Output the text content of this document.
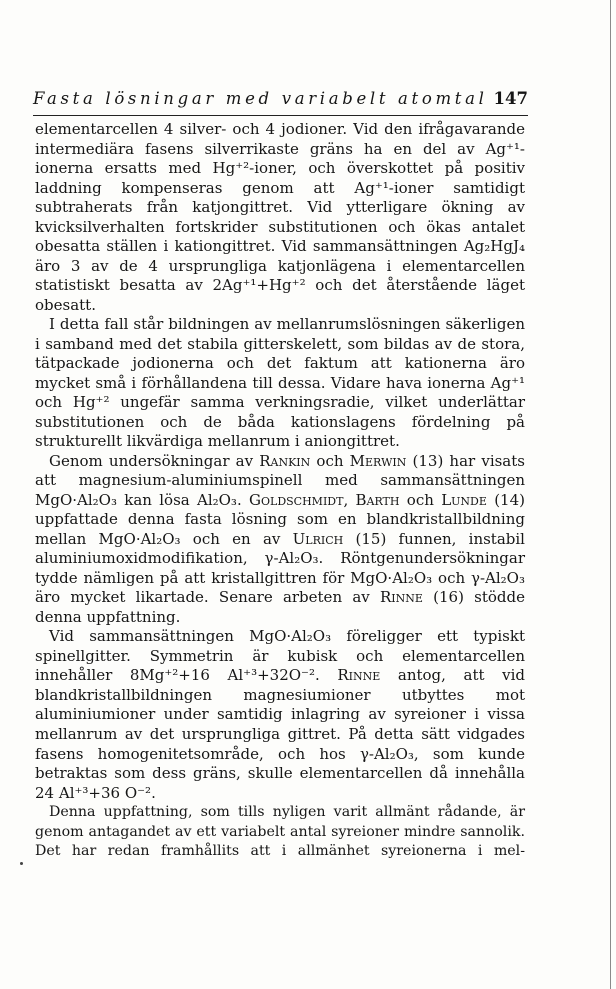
Fasta lösningar med variabelt atomtal 147

elementarcellen 4 silver- och 4 jodioner. Vid den ifrågavarande intermediära fasens silverrikaste gräns ha en del av Ag⁺¹-ionerna ersatts med Hg⁺²-ioner, och överskottet på positiv laddning kompenseras genom att Ag⁺¹-ioner samtidigt subtraherats från katjongittret. Vid ytterligare ökning av kvicksilverhalten fortskrider substitutionen och ökas antalet obesatta ställen i kationgittret. Vid sammansättningen Ag₂HgJ₄ äro 3 av de 4 ursprungliga katjonlägena i elementarcellen statistiskt besatta av 2Ag⁺¹+Hg⁺² och det återstående läget obesatt.

I detta fall står bildningen av mellanrumslösningen säkerligen i samband med det stabila gitterskelett, som bildas av de stora, tätpackade jodionerna och det faktum att kationerna äro mycket små i förhållandena till dessa. Vidare hava ionerna Ag⁺¹ och Hg⁺² ungefär samma verkningsradie, vilket underlättar substitutionen och de båda kationslagens fördelning på strukturellt likvärdiga mellanrum i aniongittret.

Genom undersökningar av Rankin och Merwin (13) har visats att magnesium-aluminiumspinell med sammansättningen MgO·Al₂O₃ kan lösa Al₂O₃. Goldschmidt, Barth och Lunde (14) uppfattade denna fasta lösning som en blandkristallbildning mellan MgO·Al₂O₃ och en av Ulrich (15) funnen, instabil aluminiumoxidmodifikation, γ-Al₂O₃. Röntgenundersökningar tydde nämligen på att kristallgittren för MgO·Al₂O₃ och γ-Al₂O₃ äro mycket likartade. Senare arbeten av Rinne (16) stödde denna uppfattning.

Vid sammansättningen MgO·Al₂O₃ föreligger ett typiskt spinellgitter. Symmetrin är kubisk och elementarcellen innehåller 8Mg⁺²+16 Al⁺³+32O⁻². Rinne antog, att vid blandkristallbildningen magnesiumioner utbyttes mot aluminiumioner under samtidig inlagring av syreioner i vissa mellanrum av det ursprungliga gittret. På detta sätt vidgades fasens homogenitetsområde, och hos γ-Al₂O₃, som kunde betraktas som dess gräns, skulle elementarcellen då innehålla 24 Al⁺³+36 O⁻².

Denna uppfattning, som tills nyligen varit allmänt rådande, är genom antagandet av ett variabelt antal syreioner mindre sannolik. Det har redan framhållits att i allmänhet syreionerna i mel-
